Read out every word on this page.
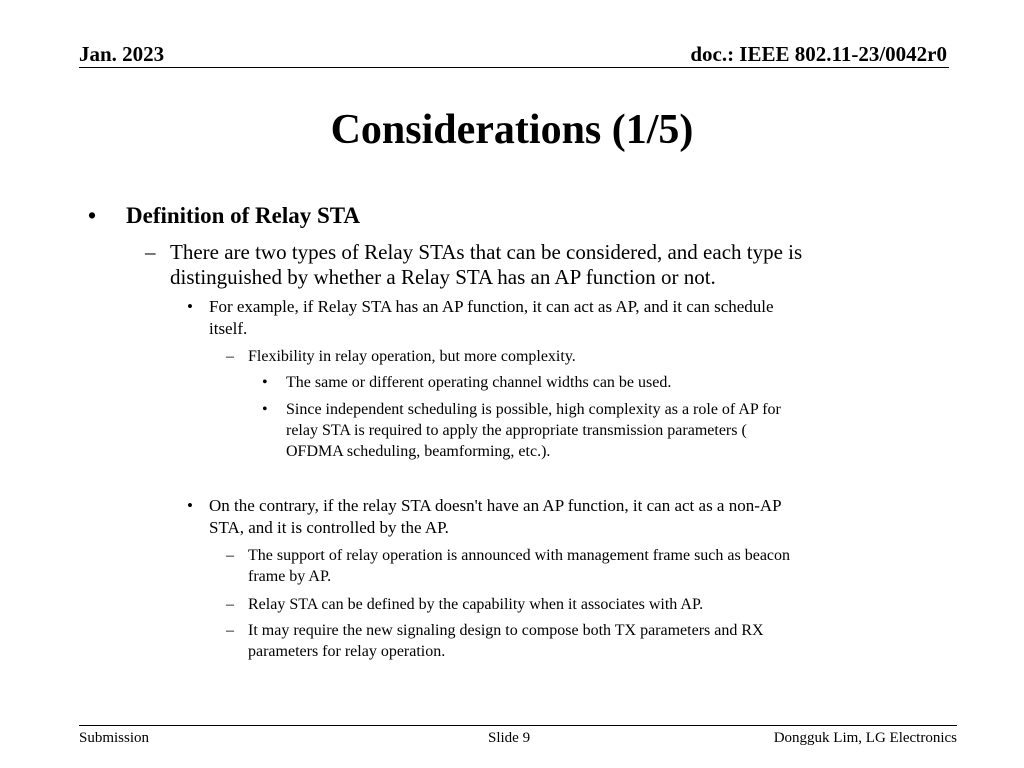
Jan. 2023	doc.: IEEE 802.11-23/0042r0
Considerations (1/5)
• Definition of Relay STA
– There are two types of Relay STAs that can be considered, and each type is
distinguished by whether a Relay STA has an AP function or not.
• For example, if Relay STA has an AP function, it can act as AP, and it can schedule
itself.
– Flexibility in relay operation, but more complexity.
• The same or different operating channel widths can be used.
• Since independent scheduling is possible, high complexity as a role of AP for
relay STA is required to apply the appropriate transmission parameters (
OFDMA scheduling, beamforming, etc.).
• On the contrary, if the relay STA doesn't have an AP function, it can act as a non-AP
STA, and it is controlled by the AP.
– The support of relay operation is announced with management frame such as beacon
frame by AP.
– Relay STA can be defined by the capability when it associates with AP.
– It may require the new signaling design to compose both TX parameters and RX
parameters for relay operation.
Submission	Slide 9	Dongguk Lim, LG Electronics
